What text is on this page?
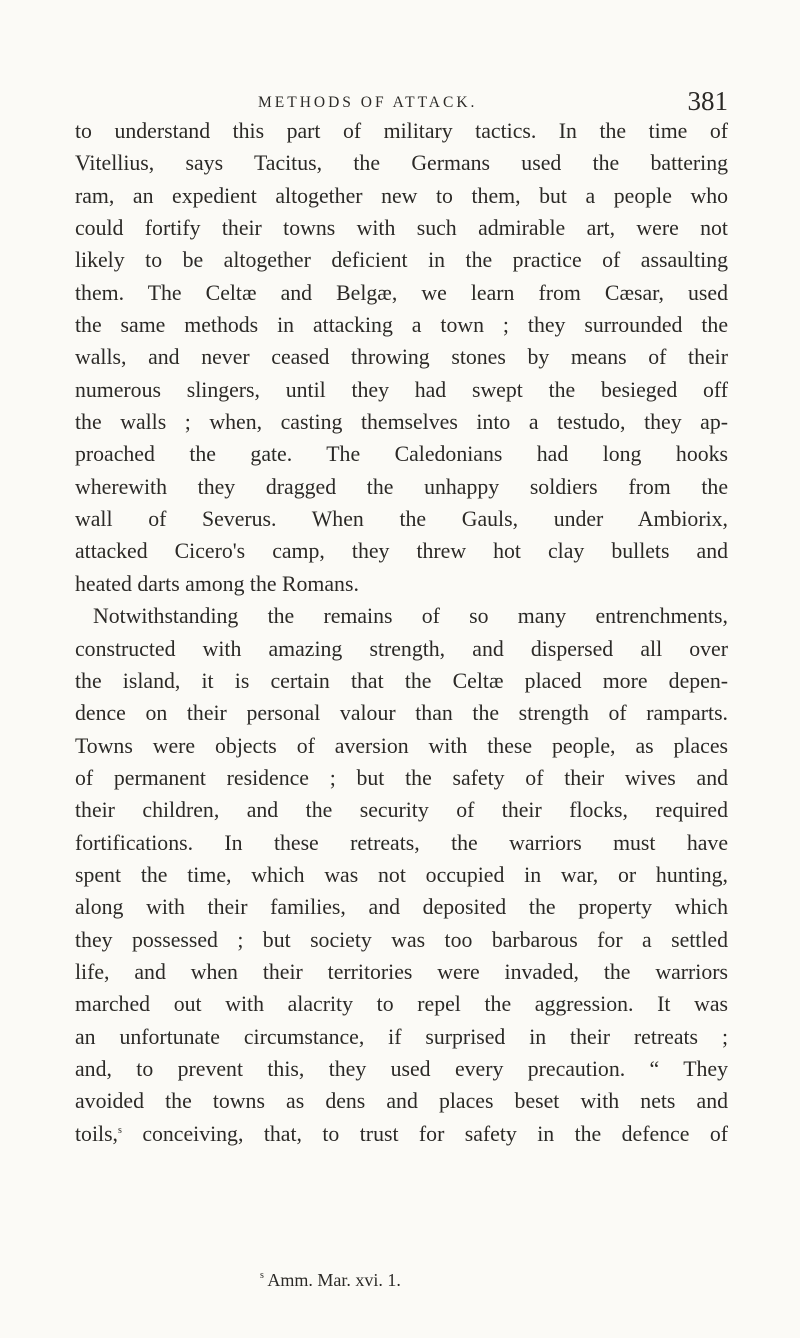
METHODS OF ATTACK.	381
to understand this part of military tactics. In the time of
Vitellius, says Tacitus, the Germans used the battering
ram, an expedient altogether new to them, but a people who
could fortify their towns with such admirable art, were not
likely to be altogether deficient in the practice of assaulting
them. The Celtæ and Belgæ, we learn from Cæsar, used
the same methods in attacking a town ; they surrounded the
walls, and never ceased throwing stones by means of their
numerous slingers, until they had swept the besieged off
the walls ; when, casting themselves into a testudo, they ap-
proached the gate. The Caledonians had long hooks
wherewith they dragged the unhappy soldiers from the
wall of Severus. When the Gauls, under Ambiorix,
attacked Cicero's camp, they threw hot clay bullets and
heated darts among the Romans.
Notwithstanding the remains of so many entrenchments,
constructed with amazing strength, and dispersed all over
the island, it is certain that the Celtæ placed more depen-
dence on their personal valour than the strength of ramparts.
Towns were objects of aversion with these people, as places
of permanent residence ; but the safety of their wives and
their children, and the security of their flocks, required
fortifications. In these retreats, the warriors must have
spent the time, which was not occupied in war, or hunting,
along with their families, and deposited the property which
they possessed ; but society was too barbarous for a settled
life, and when their territories were invaded, the warriors
marched out with alacrity to repel the aggression. It was
an unfortunate circumstance, if surprised in their retreats ;
and, to prevent this, they used every precaution. “ They
avoided the towns as dens and places beset with nets and
toils,$^s$ conceiving, that, to trust for safety in the defence of
$^s$ Amm. Mar. xvi. 1.
